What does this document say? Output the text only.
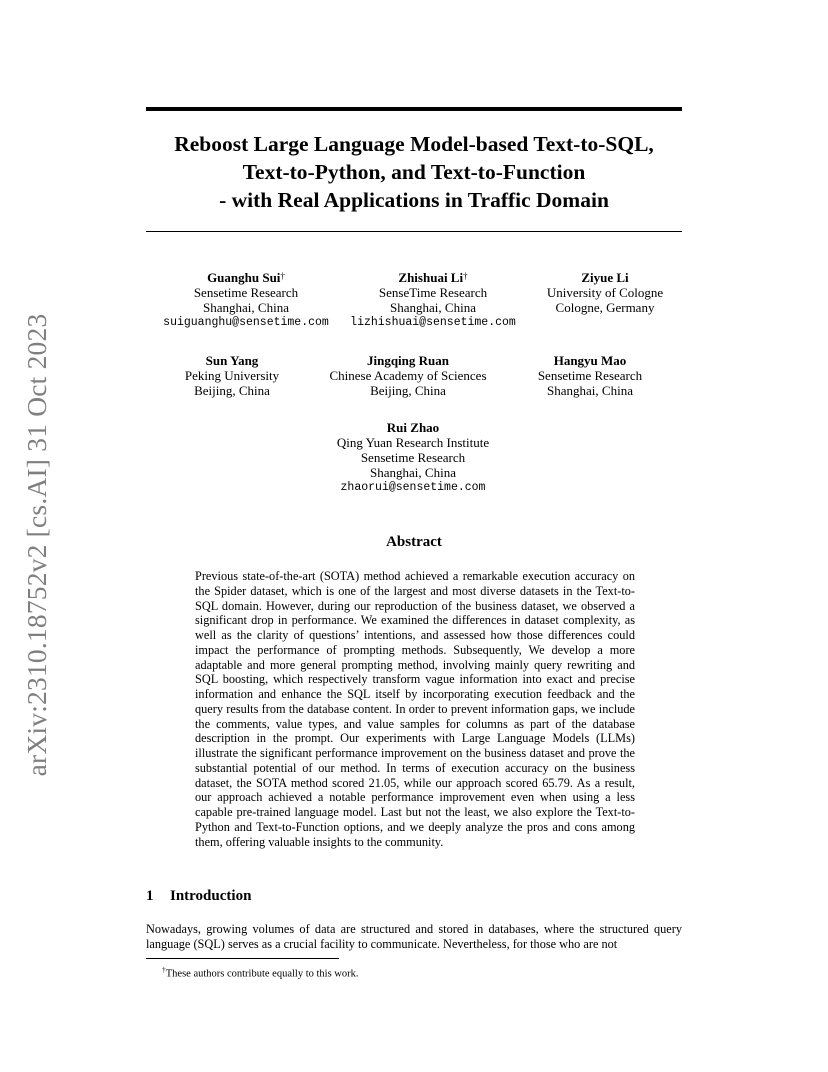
arXiv:2310.18752v2 [cs.AI] 31 Oct 2023
Reboost Large Language Model-based Text-to-SQL,
Text-to-Python, and Text-to-Function
- with Real Applications in Traffic Domain
Guanghu Sui†
Sensetime Research
Shanghai, China
suiguanghu@sensetime.com
Zhishuai Li†
SenseTime Research
Shanghai, China
lizhishuai@sensetime.com
Ziyue Li
University of Cologne
Cologne, Germany
Sun Yang
Peking University
Beijing, China
Jingqing Ruan
Chinese Academy of Sciences
Beijing, China
Hangyu Mao
Sensetime Research
Shanghai, China
Rui Zhao
Qing Yuan Research Institute
Sensetime Research
Shanghai, China
zhaorui@sensetime.com
Abstract
Previous state-of-the-art (SOTA) method achieved a remarkable execution accuracy on the Spider dataset, which is one of the largest and most diverse datasets in the Text-to-SQL domain. However, during our reproduction of the business dataset, we observed a significant drop in performance. We examined the differences in dataset complexity, as well as the clarity of questions’ intentions, and assessed how those differences could impact the performance of prompting methods. Subsequently, We develop a more adaptable and more general prompting method, involving mainly query rewriting and SQL boosting, which respectively transform vague information into exact and precise information and enhance the SQL itself by incorporating execution feedback and the query results from the database content. In order to prevent information gaps, we include the comments, value types, and value samples for columns as part of the database description in the prompt. Our experiments with Large Language Models (LLMs) illustrate the significant performance improvement on the business dataset and prove the substantial potential of our method. In terms of execution accuracy on the business dataset, the SOTA method scored 21.05, while our approach scored 65.79. As a result, our approach achieved a notable performance improvement even when using a less capable pre-trained language model. Last but not the least, we also explore the Text-to-Python and Text-to-Function options, and we deeply analyze the pros and cons among them, offering valuable insights to the community.
1 Introduction
Nowadays, growing volumes of data are structured and stored in databases, where the structured query language (SQL) serves as a crucial facility to communicate. Nevertheless, for those who are not
†These authors contribute equally to this work.
